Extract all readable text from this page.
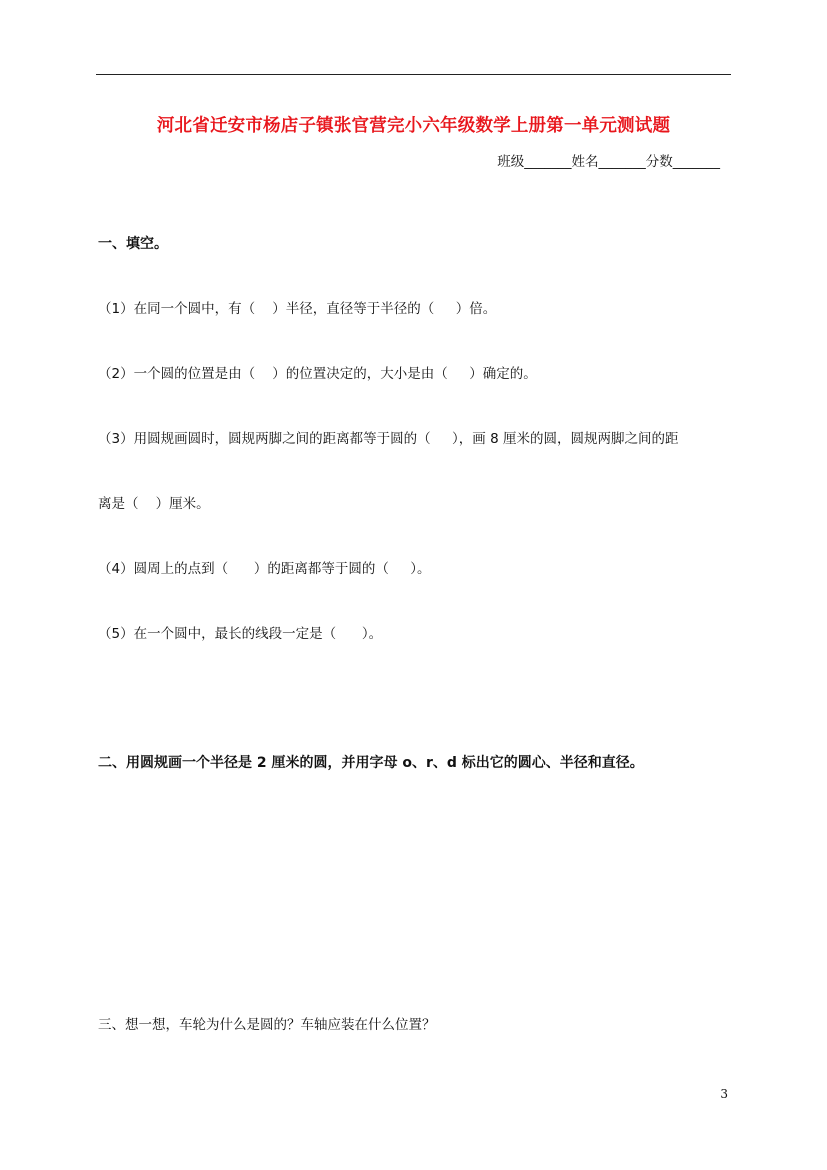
河北省迁安市杨店子镇张官营完小六年级数学上册第一单元测试题
班级_______姓名_______分数_______
一、填空。
（1）在同一个圆中，有（    ）半径，直径等于半径的（     ）倍。
（2）一个圆的位置是由（    ）的位置决定的，大小是由（     ）确定的。
（3）用圆规画圆时，圆规两脚之间的距离都等于圆的（     ），画 8 厘米的圆，圆规两脚之间的距
离是（    ）厘米。
（4）圆周上的点到（      ）的距离都等于圆的（     ）。
（5）在一个圆中，最长的线段一定是（      ）。
二、用圆规画一个半径是 2 厘米的圆，并用字母 o、r、d 标出它的圆心、半径和直径。
三、想一想，车轮为什么是圆的？车轴应装在什么位置？
3
